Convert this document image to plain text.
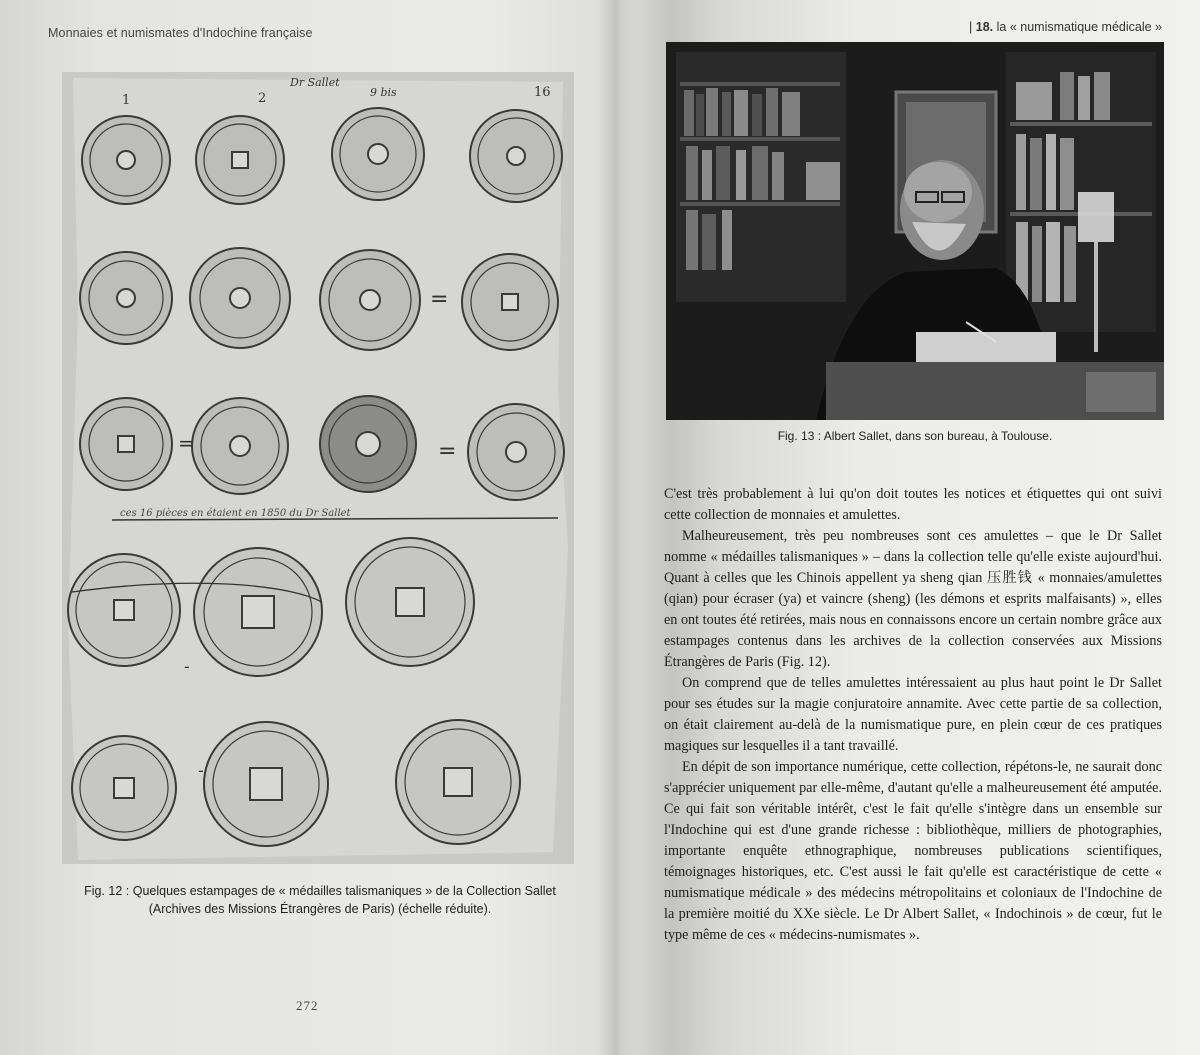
Monnaies et numismates d'Indochine française
Dr Sallet
1	2	9 bis	16
=
=	=
ces 16 pièces en étaient en 1850 du Dr Sallet
-
-
Fig. 12 : Quelques estampages de « médailles talismaniques » de la Collection Sallet
(Archives des Missions Étrangères de Paris) (échelle réduite).
272
| 18. la « numismatique médicale »
Fig. 13 : Albert Sallet, dans son bureau, à Toulouse.

C'est très probablement à lui qu'on doit toutes les notices et étiquettes qui ont suivi cette collection de monnaies et amulettes.

Malheureusement, très peu nombreuses sont ces amulettes – que le Dr Sallet nomme « médailles talismaniques » – dans la collection telle qu'elle existe aujourd'hui. Quant à celles que les Chinois appellent ya sheng qian 压胜钱 « monnaies/amulettes (qian) pour écraser (ya) et vaincre (sheng) (les démons et esprits malfaisants) », elles en ont toutes été retirées, mais nous en connaissons encore un certain nombre grâce aux estampages contenus dans les archives de la collection conservées aux Missions Étrangères de Paris (Fig. 12).

On comprend que de telles amulettes intéressaient au plus haut point le Dr Sallet pour ses études sur la magie conjuratoire annamite. Avec cette partie de sa collection, on était clairement au-delà de la numismatique pure, en plein cœur de ces pratiques magiques sur lesquelles il a tant travaillé.

En dépit de son importance numérique, cette collection, répétons-le, ne saurait donc s'apprécier uniquement par elle-même, d'autant qu'elle a malheureusement été amputée. Ce qui fait son véritable intérêt, c'est le fait qu'elle s'intègre dans un ensemble sur l'Indochine qui est d'une grande richesse : bibliothèque, milliers de photographies, importante enquête ethnographique, nombreuses publications scientifiques, témoignages historiques, etc. C'est aussi le fait qu'elle est caractéristique de cette « numismatique médicale » des médecins métropolitains et coloniaux de l'Indochine de la première moitié du XXe siècle. Le Dr Albert Sallet, « Indochinois » de cœur, fut le type même de ces « médecins-numismates ».
